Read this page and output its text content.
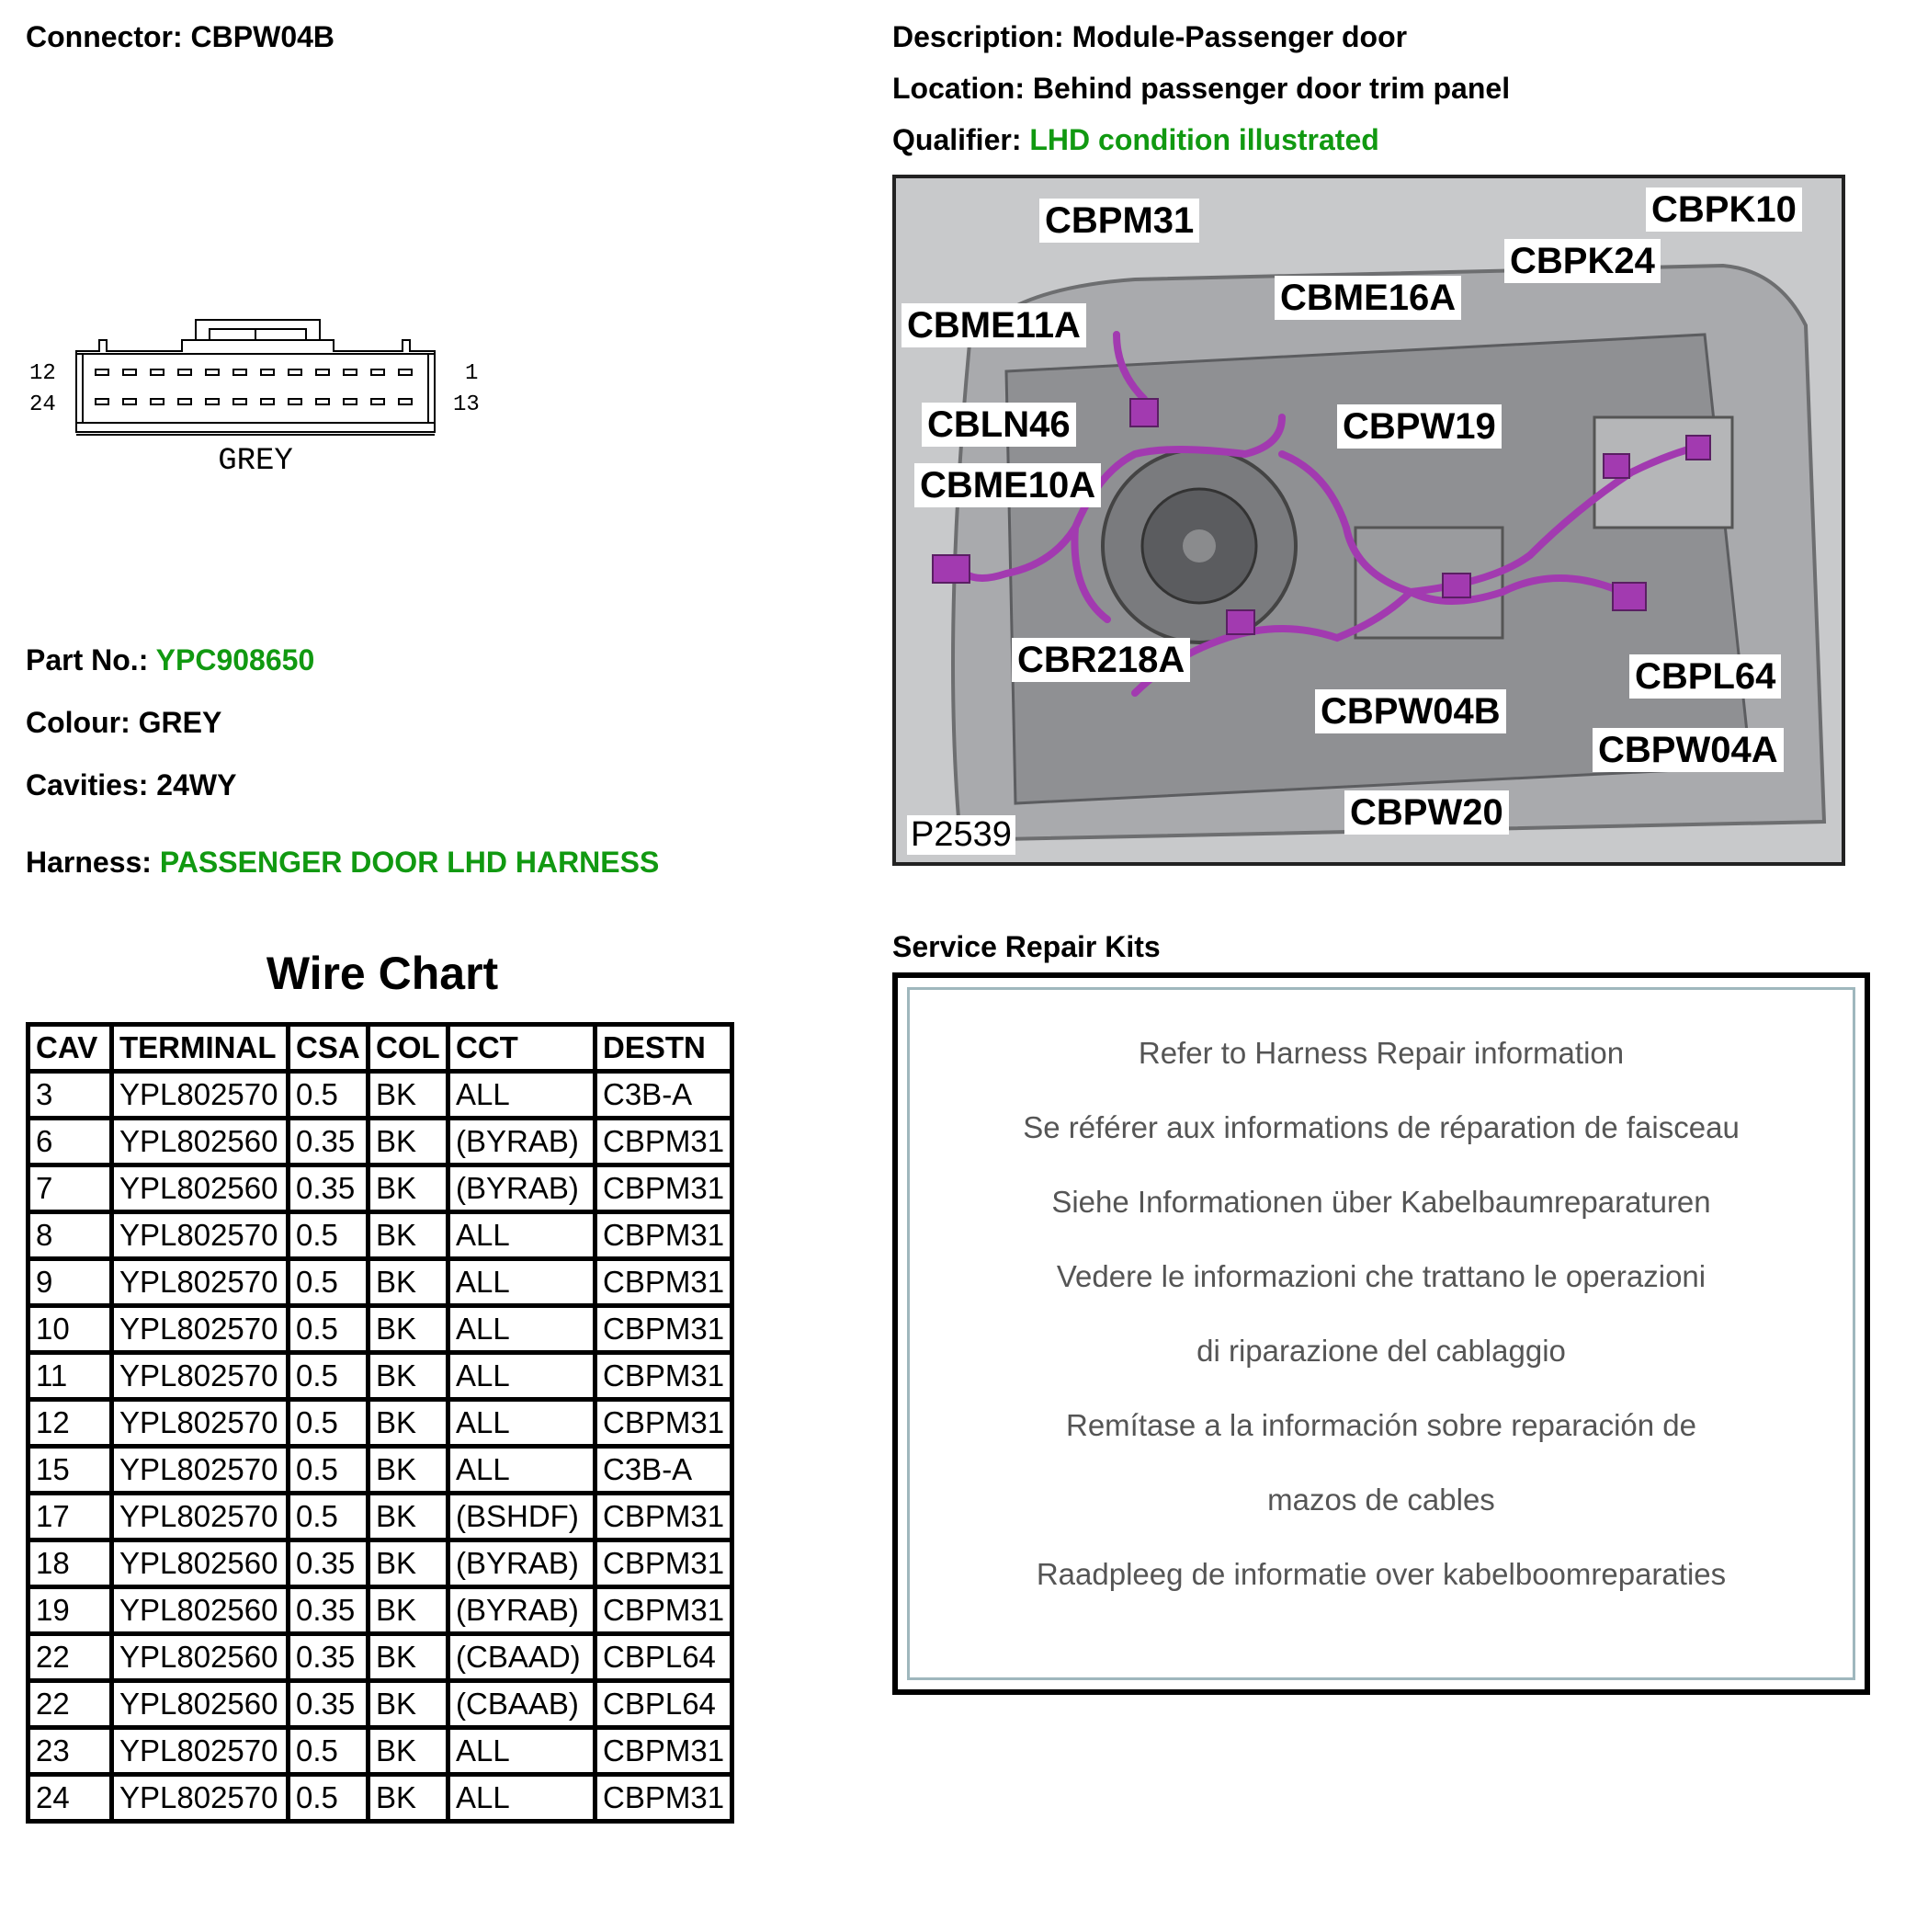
Connector: CBPW04B	Description: Module-Passenger door
Location: Behind passenger door trim panel
Qualifier: LHD condition illustrated
12
24
1
13
GREY
Part No.: YPC908650
Colour: GREY
Cavities: 24WY
Harness: PASSENGER DOOR LHD HARNESS
Wire Chart
CAV	TERMINAL	CSA	COL	CCT	DESTN
3	YPL802570	0.5	BK	ALL	C3B-A
6	YPL802560	0.35	BK	(BYRAB)	CBPM31
7	YPL802560	0.35	BK	(BYRAB)	CBPM31
8	YPL802570	0.5	BK	ALL	CBPM31
9	YPL802570	0.5	BK	ALL	CBPM31
10	YPL802570	0.5	BK	ALL	CBPM31
11	YPL802570	0.5	BK	ALL	CBPM31
12	YPL802570	0.5	BK	ALL	CBPM31
15	YPL802570	0.5	BK	ALL	C3B-A
17	YPL802570	0.5	BK	(BSHDF)	CBPM31
18	YPL802560	0.35	BK	(BYRAB)	CBPM31
19	YPL802560	0.35	BK	(BYRAB)	CBPM31
22	YPL802560	0.35	BK	(CBAAD)	CBPL64
22	YPL802560	0.35	BK	(CBAAB)	CBPL64
23	YPL802570	0.5	BK	ALL	CBPM31
24	YPL802570	0.5	BK	ALL	CBPM31
CBPM31	CBPK10
CBPK24
CBME16A
CBME11A
CBLN46	CBPW19
CBME10A
CBR218A	CBPL64
CBPW04B
CBPW04A
CBPW20
P2539
Service Repair Kits
Refer to Harness Repair information
Se référer aux informations de réparation de faisceau
Siehe Informationen über Kabelbaumreparaturen
Vedere le informazioni che trattano le operazioni
di riparazione del cablaggio
Remítase a la información sobre reparación de
mazos de cables
Raadpleeg de informatie over kabelboomreparaties
